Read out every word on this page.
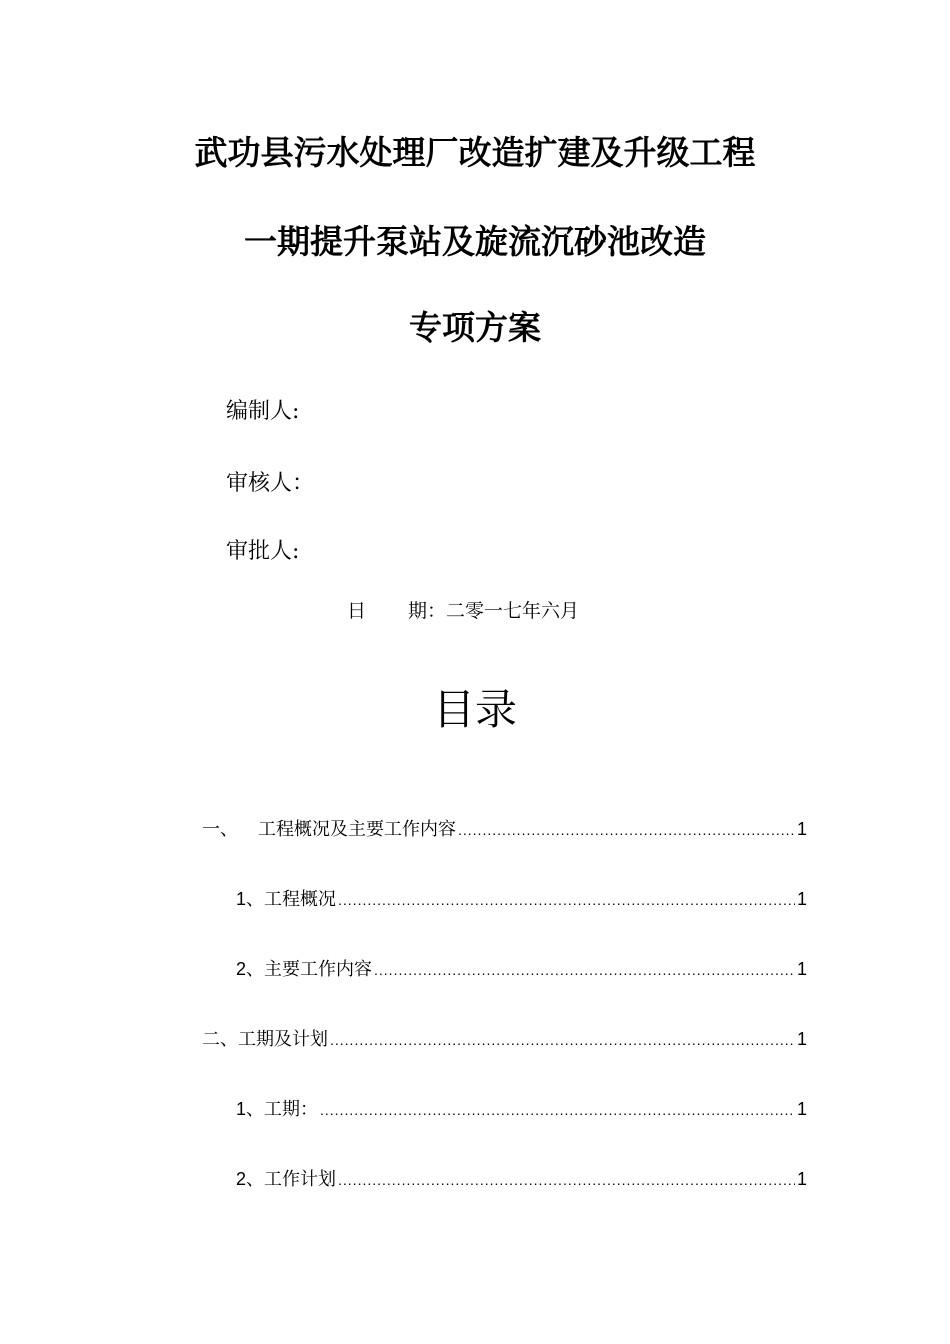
武功县污水处理厂改造扩建及升级工程
一期提升泵站及旋流沉砂池改造
专项方案
编制人:
审核人：
审批人:
日 期：二零一七年六月
目录
一、	工程概况及主要工作内容 .....	1
1、 工程概况 .....	1
2、 主要工作内容 .....	1
二、 工期及计划 .....	1
1、 工期： .....	1
2、 工作计划 .....	1
